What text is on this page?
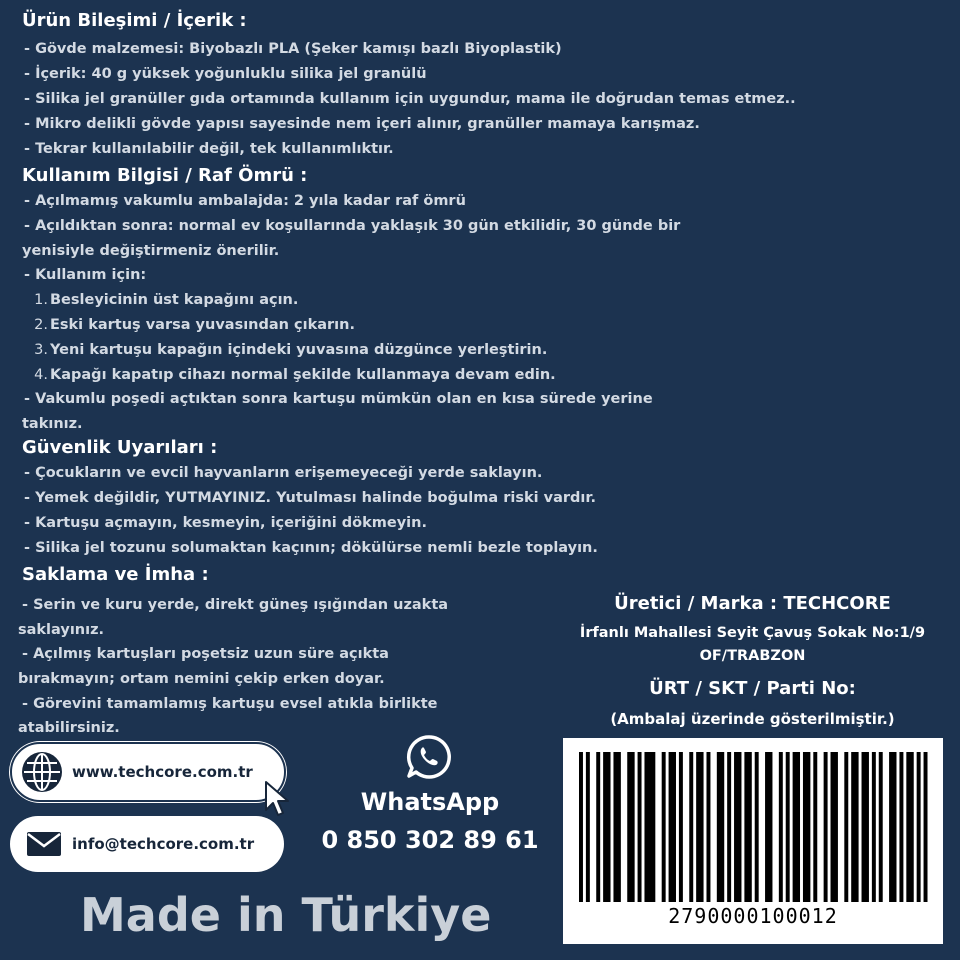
Ürün Bileşimi / İçerik :
- Gövde malzemesi: Biyobazlı PLA (Şeker kamışı bazlı Biyoplastik)
- İçerik: 40 g yüksek yoğunluklu silika jel granülü
- Silika jel granüller gıda ortamında kullanım için uygundur, mama ile doğrudan temas etmez..
- Mikro delikli gövde yapısı sayesinde nem içeri alınır, granüller mamaya karışmaz.
- Tekrar kullanılabilir değil, tek kullanımlıktır.
Kullanım Bilgisi / Raf Ömrü :
- Açılmamış vakumlu ambalajda: 2 yıla kadar raf ömrü
- Açıldıktan sonra: normal ev koşullarında yaklaşık 30 gün etkilidir, 30 günde bir
yenisiyle değiştirmeniz önerilir.
- Kullanım için:
1. Besleyicinin üst kapağını açın.
2. Eski kartuş varsa yuvasından çıkarın.
3. Yeni kartuşu kapağın içindeki yuvasına düzgünce yerleştirin.
4. Kapağı kapatıp cihazı normal şekilde kullanmaya devam edin.
- Vakumlu poşedi açtıktan sonra kartuşu mümkün olan en kısa sürede yerine
takınız.
Güvenlik Uyarıları :
- Çocukların ve evcil hayvanların erişemeyeceği yerde saklayın.
- Yemek değildir, YUTMAYINIZ. Yutulması halinde boğulma riski vardır.
- Kartuşu açmayın, kesmeyin, içeriğini dökmeyin.
- Silika jel tozunu solumaktan kaçının; dökülürse nemli bezle toplayın.
Saklama ve İmha :
- Serin ve kuru yerde, direkt güneş ışığından uzakta
saklayınız.
- Açılmış kartuşları poşetsiz uzun süre açıkta
bırakmayın; ortam nemini çekip erken doyar.
- Görevini tamamlamış kartuşu evsel atıkla birlikte
atabilirsiniz.
Üretici / Marka : TECHCORE
İrfanlı Mahallesi Seyit Çavuş Sokak No:1/9
OF/TRABZON
ÜRT / SKT / Parti No:
(Ambalaj üzerinde gösterilmiştir.)
2790000100012
www.techcore.com.tr
info@techcore.com.tr
WhatsApp
0 850 302 89 61
Made in Türkiye
